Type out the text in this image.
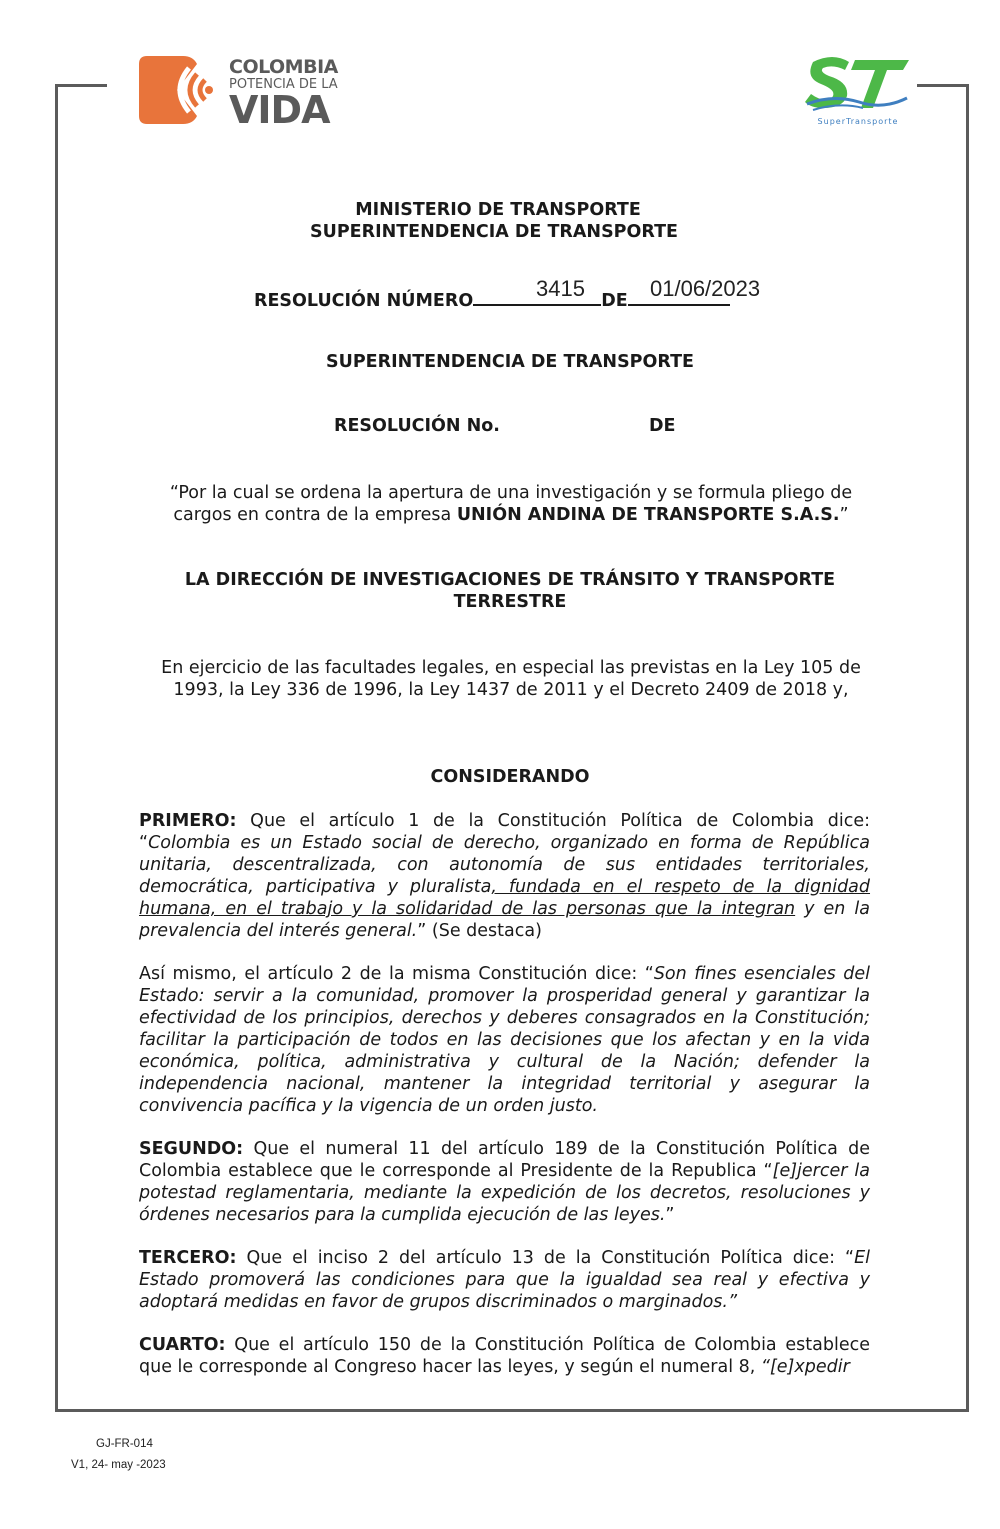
COLOMBIA
POTENCIA DE LA
VIDA	SuperTransporte
MINISTERIO DE TRANSPORTE
SUPERINTENDENCIA DE TRANSPORTE
RESOLUCIÓN NÚMERO	DE
3415	01/06/2023
SUPERINTENDENCIA DE TRANSPORTE
RESOLUCIÓN No.	DE
“Por la cual se ordena la apertura de una investigación y se formula pliego de cargos en contra de la empresa UNIÓN ANDINA DE TRANSPORTE S.A.S.”
LA DIRECCIÓN DE INVESTIGACIONES DE TRÁNSITO Y TRANSPORTE
TERRESTRE
En ejercicio de las facultades legales, en especial las previstas en la Ley 105 de 1993, la Ley 336 de 1996, la Ley 1437 de 2011 y el Decreto 2409 de 2018 y,
CONSIDERANDO
PRIMERO: Que el artículo 1 de la Constitución Política de Colombia dice: “Colombia es un Estado social de derecho, organizado en forma de República unitaria, descentralizada, con autonomía de sus entidades territoriales, democrática, participativa y pluralista, fundada en el respeto de la dignidad humana, en el trabajo y la solidaridad de las personas que la integran y en la prevalencia del interés general.” (Se destaca)
Así mismo, el artículo 2 de la misma Constitución dice: “Son fines esenciales del Estado: servir a la comunidad, promover la prosperidad general y garantizar la efectividad de los principios, derechos y deberes consagrados en la Constitución; facilitar la participación de todos en las decisiones que los afectan y en la vida económica, política, administrativa y cultural de la Nación; defender la independencia nacional, mantener la integridad territorial y asegurar la convivencia pacífica y la vigencia de un orden justo.
SEGUNDO: Que el numeral 11 del artículo 189 de la Constitución Política de Colombia establece que le corresponde al Presidente de la Republica “[e]jercer la potestad reglamentaria, mediante la expedición de los decretos, resoluciones y órdenes necesarios para la cumplida ejecución de las leyes.”
TERCERO: Que el inciso 2 del artículo 13 de la Constitución Política dice: “El Estado promoverá las condiciones para que la igualdad sea real y efectiva y adoptará medidas en favor de grupos discriminados o marginados.”
CUARTO: Que el artículo 150 de la Constitución Política de Colombia establece que le corresponde al Congreso hacer las leyes, y según el numeral 8, “[e]xpedir
GJ-FR-014
V1, 24- may -2023
